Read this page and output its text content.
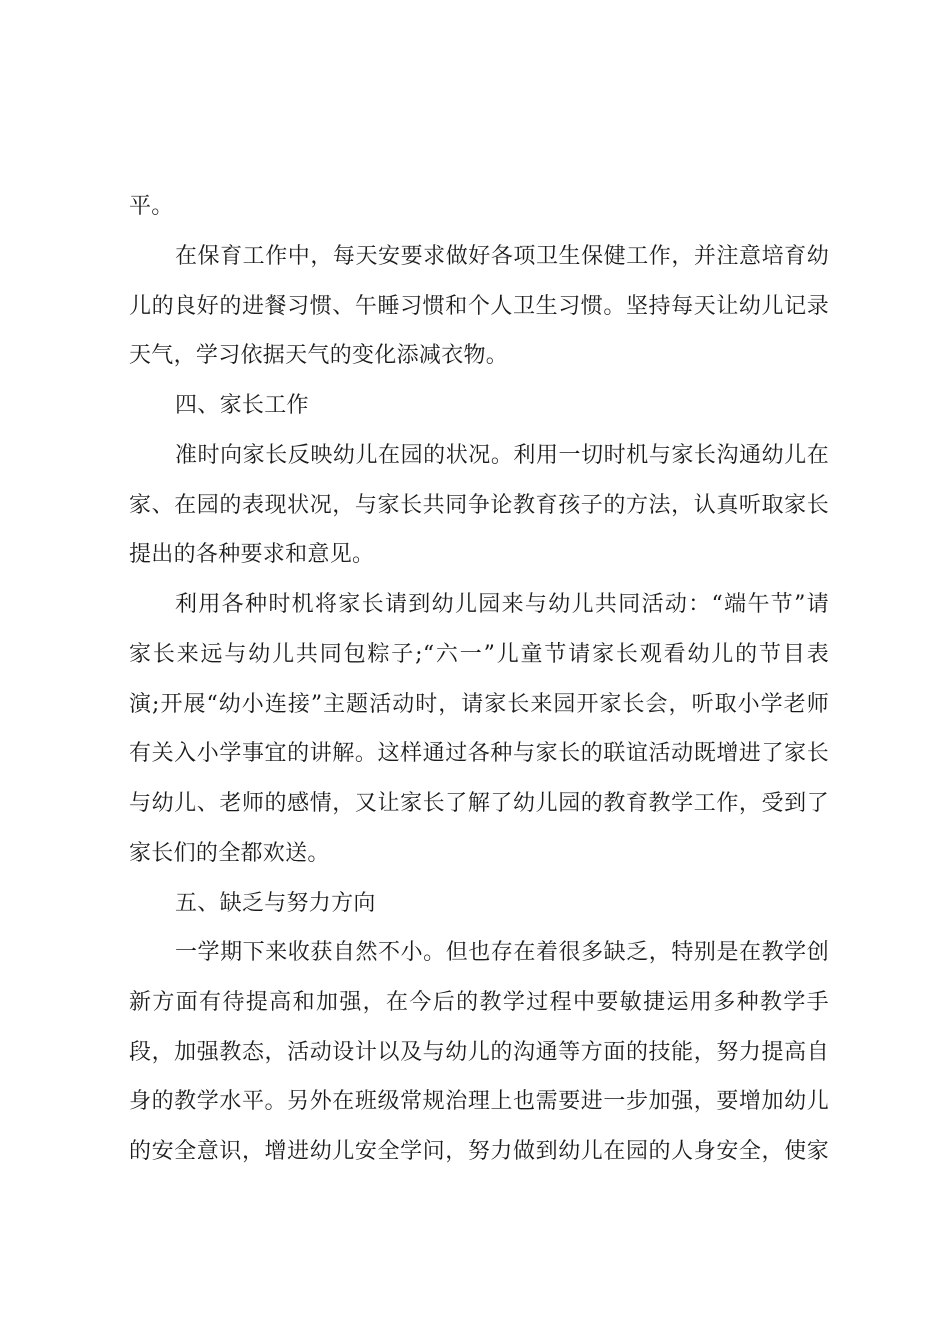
平。
在保育工作中，每天安要求做好各项卫生保健工作，并注意培育幼
儿的良好的进餐习惯、午睡习惯和个人卫生习惯。坚持每天让幼儿记录
天气，学习依据天气的变化添减衣物。
四、家长工作
准时向家长反映幼儿在园的状况。利用一切时机与家长沟通幼儿在
家、在园的表现状况，与家长共同争论教育孩子的方法，认真听取家长
提出的各种要求和意见。
利用各种时机将家长请到幼儿园来与幼儿共同活动：“端午节”请
家长来远与幼儿共同包粽子;“六一”儿童节请家长观看幼儿的节目表
演;开展“幼小连接”主题活动时，请家长来园开家长会，听取小学老师
有关入小学事宜的讲解。这样通过各种与家长的联谊活动既增进了家长
与幼儿、老师的感情，又让家长了解了幼儿园的教育教学工作，受到了
家长们的全都欢送。
五、缺乏与努力方向
一学期下来收获自然不小。但也存在着很多缺乏，特别是在教学创
新方面有待提高和加强，在今后的教学过程中要敏捷运用多种教学手
段，加强教态，活动设计以及与幼儿的沟通等方面的技能，努力提高自
身的教学水平。另外在班级常规治理上也需要进一步加强，要增加幼儿
的安全意识，增进幼儿安全学问，努力做到幼儿在园的人身安全，使家
